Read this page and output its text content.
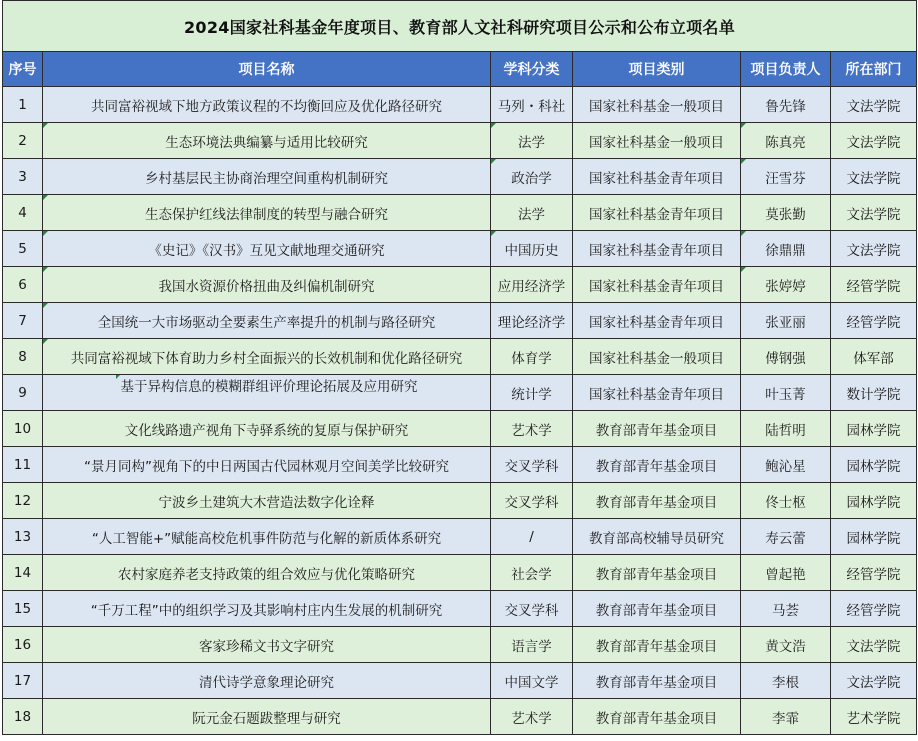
2024国家社科基金年度项目、教育部人文社科研究项目公示和公布立项名单					
序号	项目名称	学科分类	项目类别	项目负责人	所在部门
1	共同富裕视域下地方政策议程的不均衡回应及优化路径研究	马列・科社	国家社科基金一般项目	鲁先锋	文法学院
2	生态环境法典编纂与适用比较研究	法学	国家社科基金一般项目	陈真亮	文法学院
3	乡村基层民主协商治理空间重构机制研究	政治学	国家社科基金青年项目	汪雪芬	文法学院
4	生态保护红线法律制度的转型与融合研究	法学	国家社科基金青年项目	莫张勤	文法学院
5	《史记》《汉书》互见文献地理交通研究	中国历史	国家社科基金青年项目	徐鼎鼎	文法学院
6	我国水资源价格扭曲及纠偏机制研究	应用经济学	国家社科基金青年项目	张婷婷	经管学院
7	全国统一大市场驱动全要素生产率提升的机制与路径研究	理论经济学	国家社科基金青年项目	张亚丽	经管学院
8	共同富裕视域下体育助力乡村全面振兴的长效机制和优化路径研究	体育学	国家社科基金一般项目	傅钢强	体军部
9	基于异构信息的模糊群组评价理论拓展及应用研究	统计学	国家社科基金青年项目	叶玉菁	数计学院
10	文化线路遗产视角下寺驿系统的复原与保护研究	艺术学	教育部青年基金项目	陆哲明	园林学院
11	“景月同构”视角下的中日两国古代园林观月空间美学比较研究	交叉学科	教育部青年基金项目	鲍沁星	园林学院
12	宁波乡土建筑大木营造法数字化诠释	交叉学科	教育部青年基金项目	佟士枢	园林学院
13	“人工智能+”赋能高校危机事件防范与化解的新质体系研究	/	教育部高校辅导员研究	寿云蕾	园林学院
14	农村家庭养老支持政策的组合效应与优化策略研究	社会学	教育部青年基金项目	曾起艳	经管学院
15	“千万工程”中的组织学习及其影响村庄内生发展的机制研究	交叉学科	教育部青年基金项目	马荟	经管学院
16	客家珍稀文书文字研究	语言学	教育部青年基金项目	黄文浩	文法学院
17	清代诗学意象理论研究	中国文学	教育部青年基金项目	李根	文法学院
18	阮元金石题跋整理与研究	艺术学	教育部青年基金项目	李霏	艺术学院
